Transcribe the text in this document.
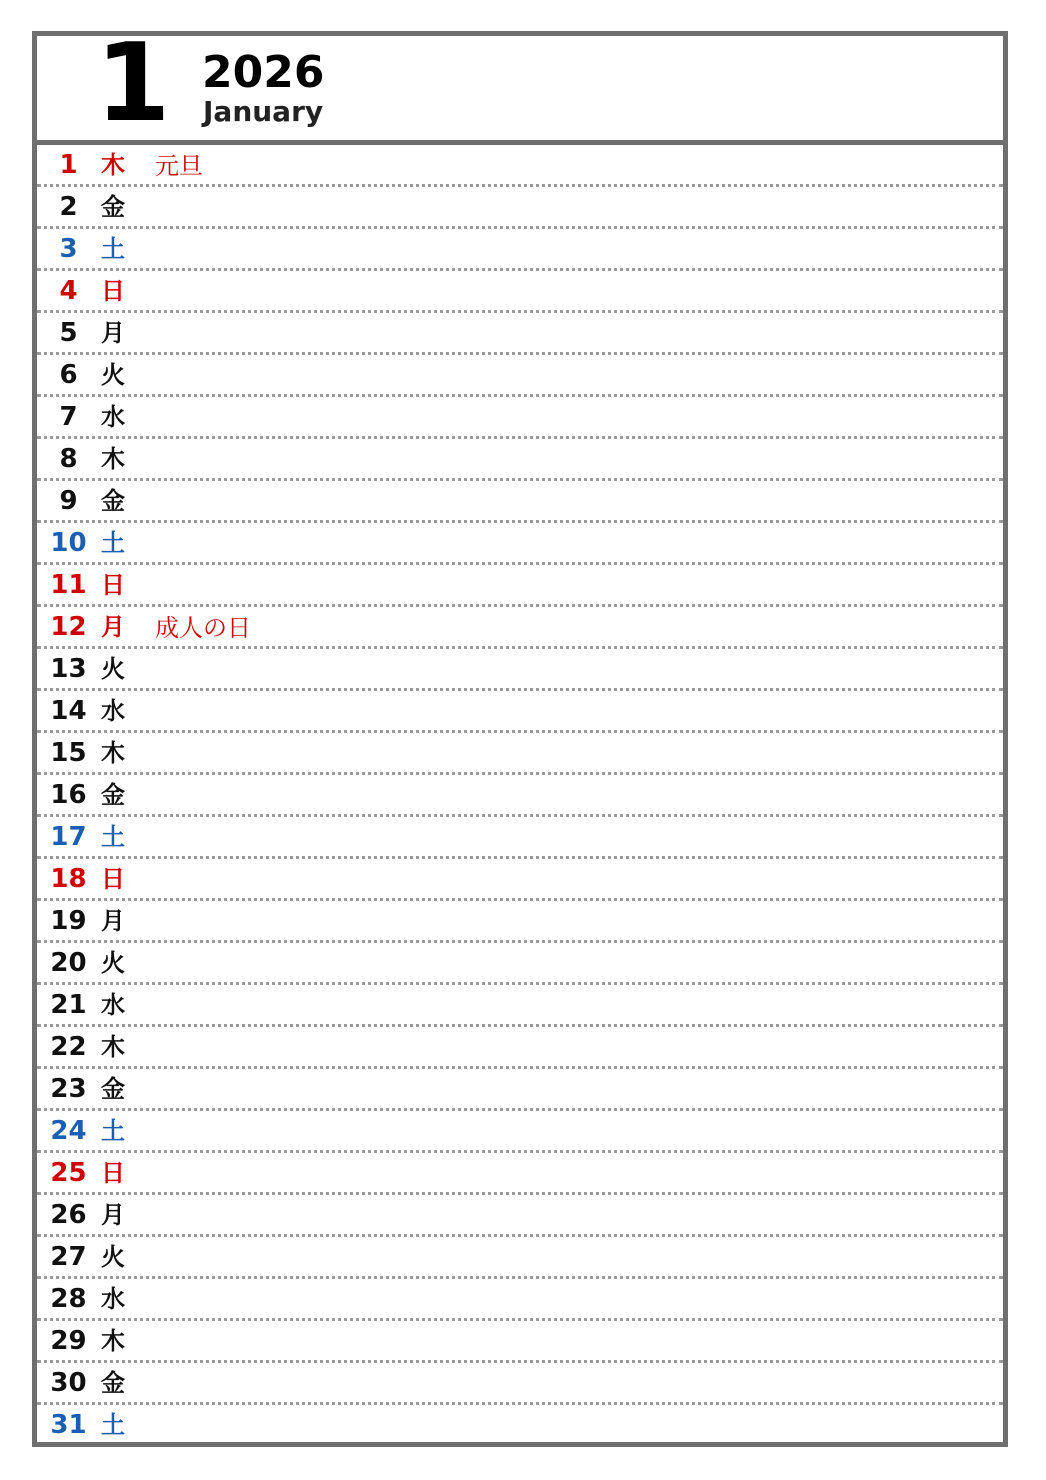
1 2026
January
1 木 元旦
2 金
3 土
4 日
5 月
6 火
7 水
8 木
9 金
10 土
11 日
12 月 成人の日
13 火
14 水
15 木
16 金
17 土
18 日
19 月
20 火
21 水
22 木
23 金
24 土
25 日
26 月
27 火
28 水
29 木
30 金
31 土
